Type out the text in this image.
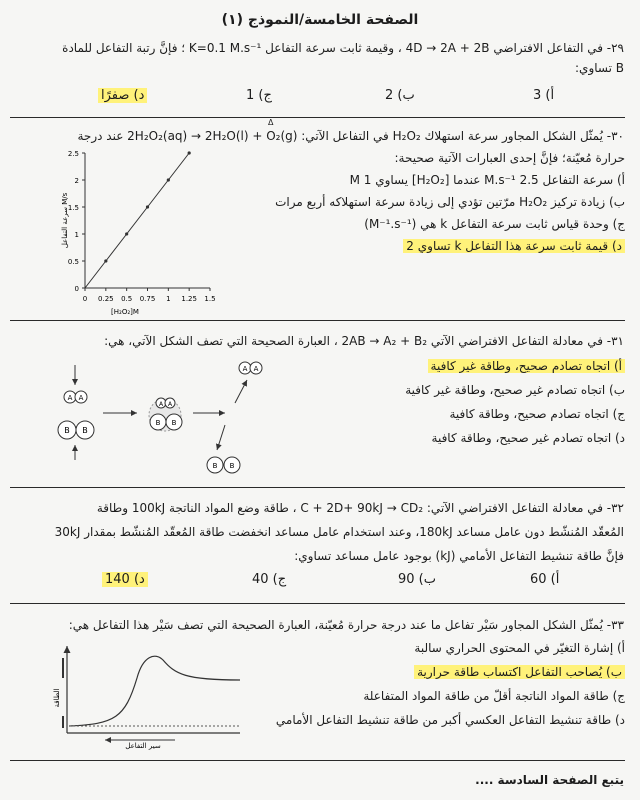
الصفحة الخامسة/النموذج (١)
٢٩- في التفاعل الافتراضي 4D → 2A + 2B ، وقيمة ثابت سرعة التفاعل K=0.1 M.s⁻¹ ؛ فإنَّ رتبة التفاعل للمادة
B تساوي:
أ) 3
ب) 2
ج) 1
د) صفرًا
٣٠- يُمثّل الشكل المجاور سرعة استهلاك H₂O₂ في التفاعل الآتي: 2H₂O₂(aq) → 2H₂O(l) + O₂(g) عند درجة
Δ
حرارة مُعيّنة؛ فإنَّ إحدى العبارات الآتية صحيحة:
أ) سرعة التفاعل 2.5 M.s⁻¹ عندما [H₂O₂] يساوي 1 M
ب) زيادة تركيز H₂O₂ مرّتين تؤدي إلى زيادة سرعة استهلاكه أربع مرات
ج) وحدة قياس ثابت سرعة التفاعل k هي (M⁻¹.s⁻¹)
د) قيمة ثابت سرعة هذا التفاعل k تساوي 2
0
0.5
1
1.5
2
2.5
0 0.25 0.5 0.75 1 1.25 1.5
[H₂O₂]M
سرعة التفاعل M/s
٣١- في معادلة التفاعل الافتراضي الآتي 2AB → A₂ + B₂ ، العبارة الصحيحة التي تصف الشكل الآتي، هي:
أ) اتجاه تصادم صحيح، وطاقة غير كافية
ب) اتجاه تصادم غير صحيح، وطاقة غير كافية
ج) اتجاه تصادم صحيح، وطاقة كافية
د) اتجاه تصادم غير صحيح، وطاقة كافية
A A
B B
A A
B B
A A
B B
٣٢- في معادلة التفاعل الافتراضي الآتي: C + 2D+ 90kJ → CD₂ ، طاقة وضع المواد الناتجة 100kJ وطاقة
المُعقّد المُنشّط دون عامل مساعد 180kJ، وعند استخدام عامل مساعد انخفضت طاقة المُعقّد المُنشّط بمقدار 30kJ
فإنَّ طاقة تنشيط التفاعل الأمامي (kJ) بوجود عامل مساعد تساوي:
أ) 60
ب) 90
ج) 40
د) 140
٣٣- يُمثّل الشكل المجاور سَيْر تفاعل ما عند درجة حرارة مُعيّنة، العبارة الصحيحة التي تصف سَيْر هذا التفاعل هي:
أ) إشارة التغيّر في المحتوى الحراري سالبة
ب) يُصاحب التفاعل اكتساب طاقة حرارية
ج) طاقة المواد الناتجة أقلّ من طاقة المواد المتفاعلة
د) طاقة تنشيط التفاعل العكسي أكبر من طاقة تنشيط التفاعل الأمامي
الطاقة
سير التفاعل
يتبع الصفحة السادسة ....
